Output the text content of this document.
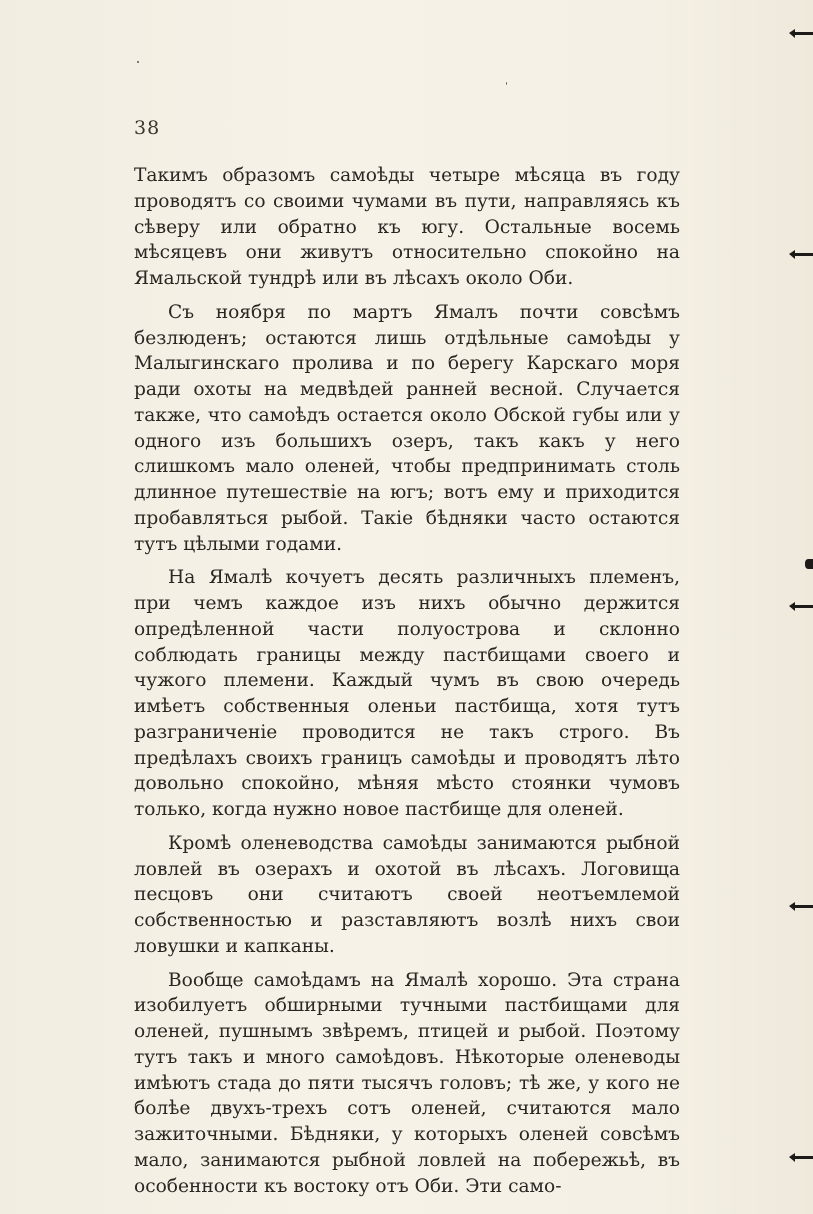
38

Такимъ образомъ самоѣды четыре мѣсяца въ году проводятъ со своими чумами въ пути, направляясь къ сѣверу или обратно къ югу. Остальные восемь мѣсяцевъ они живутъ относительно спокойно на Ямальской тундрѣ или въ лѣсахъ около Оби.

Съ ноября по мартъ Ямалъ почти совсѣмъ безлюденъ; остаются лишь отдѣльные самоѣды у Малыгинскаго пролива и по берегу Карскаго моря ради охоты на медвѣдей ранней весной. Случается также, что самоѣдъ остается около Обской губы или у одного изъ большихъ озеръ, такъ какъ у него слишкомъ мало оленей, чтобы предпринимать столь длинное путешествіе на югъ; вотъ ему и приходится пробавляться рыбой. Такіе бѣдняки часто остаются тутъ цѣлыми годами.

На Ямалѣ кочуетъ десять различныхъ племенъ, при чемъ каждое изъ нихъ обычно держится опредѣленной части полуострова и склонно соблюдать границы между пастбищами своего и чужого племени. Каждый чумъ въ свою очередь имѣетъ собственныя оленьи пастбища, хотя тутъ разграниченіе проводится не такъ строго. Въ предѣлахъ своихъ границъ самоѣды и проводятъ лѣто довольно спокойно, мѣняя мѣсто стоянки чумовъ только, когда нужно новое пастбище для оленей.

Кромѣ оленеводства самоѣды занимаются рыбной ловлей въ озерахъ и охотой въ лѣсахъ. Логовища песцовъ они считаютъ своей неотъемлемой собственностью и разставляютъ возлѣ нихъ свои ловушки и капканы.

Вообще самоѣдамъ на Ямалѣ хорошо. Эта страна изобилуетъ обширными тучными пастбищами для оленей, пушнымъ звѣремъ, птицей и рыбой. Поэтому тутъ такъ и много самоѣдовъ. Нѣкоторые оленеводы имѣютъ стада до пяти тысячъ головъ; тѣ же, у кого не болѣе двухъ-трехъ сотъ оленей, считаются мало зажиточными. Бѣдняки, у которыхъ оленей совсѣмъ мало, занимаются рыбной ловлей на побережьѣ, въ особенности къ востоку отъ Оби. Эти само-
